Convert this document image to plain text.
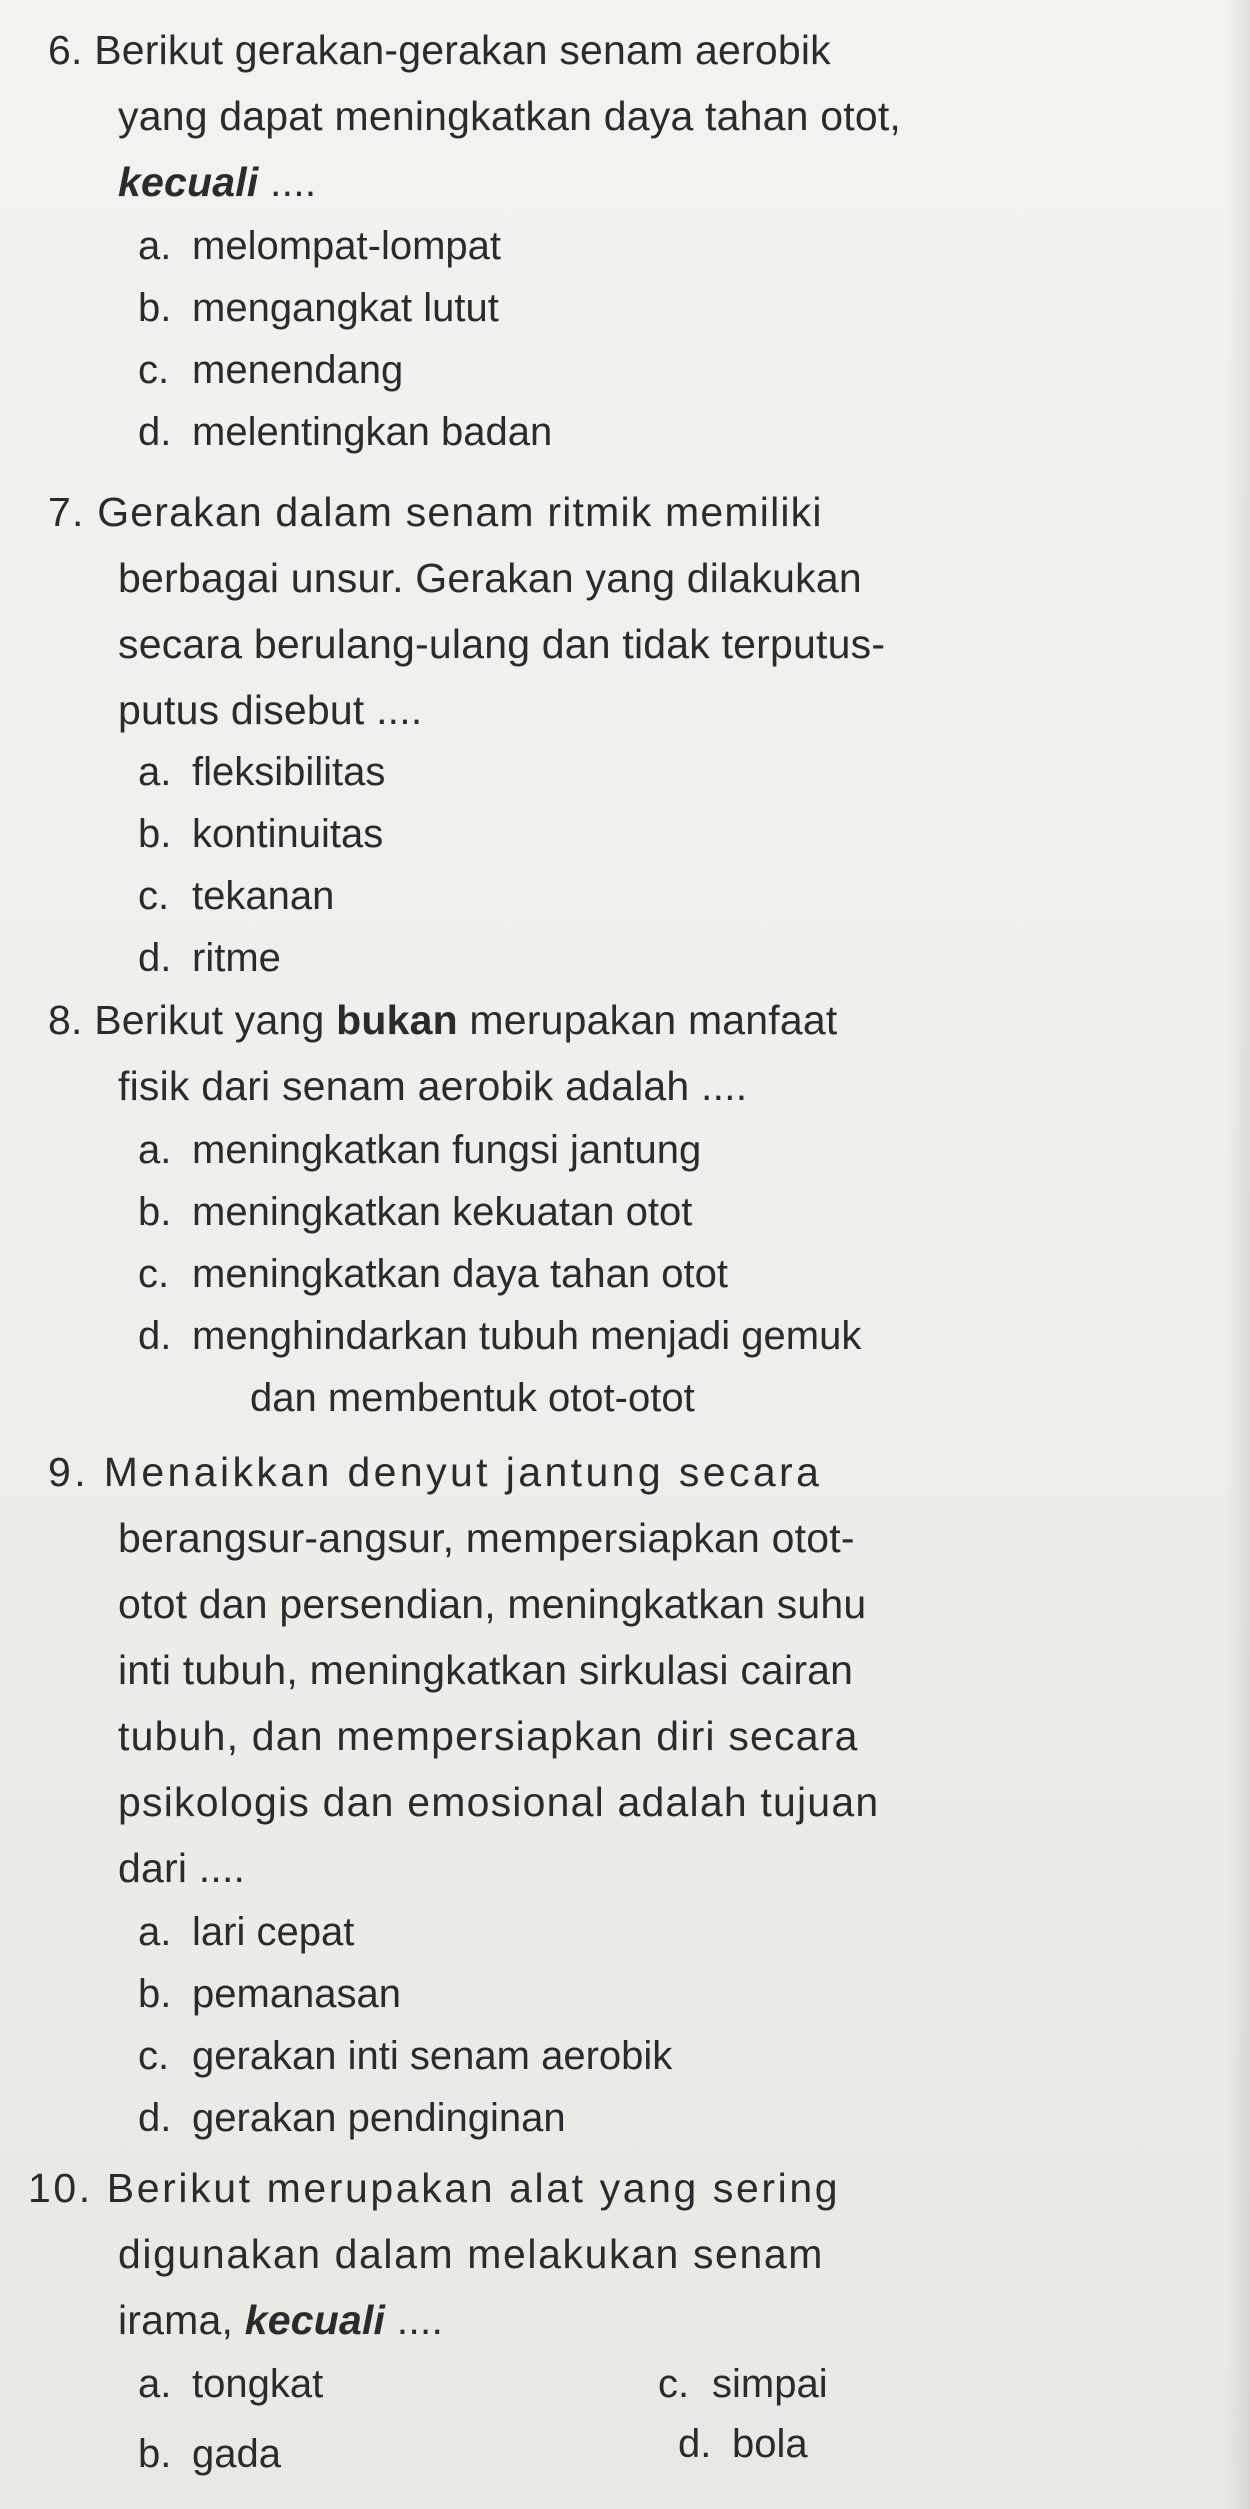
6. Berikut gerakan-gerakan senam aerobik
yang dapat meningkatkan daya tahan otot,
kecuali ....
a. melompat-lompat
b. mengangkat lutut
c. menendang
d. melentingkan badan
7. Gerakan dalam senam ritmik memiliki
berbagai unsur. Gerakan yang dilakukan
secara berulang-ulang dan tidak terputus-
putus disebut ....
a. fleksibilitas
b. kontinuitas
c. tekanan
d. ritme
8. Berikut yang bukan merupakan manfaat
fisik dari senam aerobik adalah ....
a. meningkatkan fungsi jantung
b. meningkatkan kekuatan otot
c. meningkatkan daya tahan otot
d. menghindarkan tubuh menjadi gemuk
dan membentuk otot-otot
9. Menaikkan denyut jantung secara
berangsur-angsur, mempersiapkan otot-
otot dan persendian, meningkatkan suhu
inti tubuh, meningkatkan sirkulasi cairan
tubuh, dan mempersiapkan diri secara
psikologis dan emosional adalah tujuan
dari ....
a. lari cepat
b. pemanasan
c. gerakan inti senam aerobik
d. gerakan pendinginan
10. Berikut merupakan alat yang sering
digunakan dalam melakukan senam
irama, kecuali ....
a. tongkat
b. gada
c. simpai
d. bola
